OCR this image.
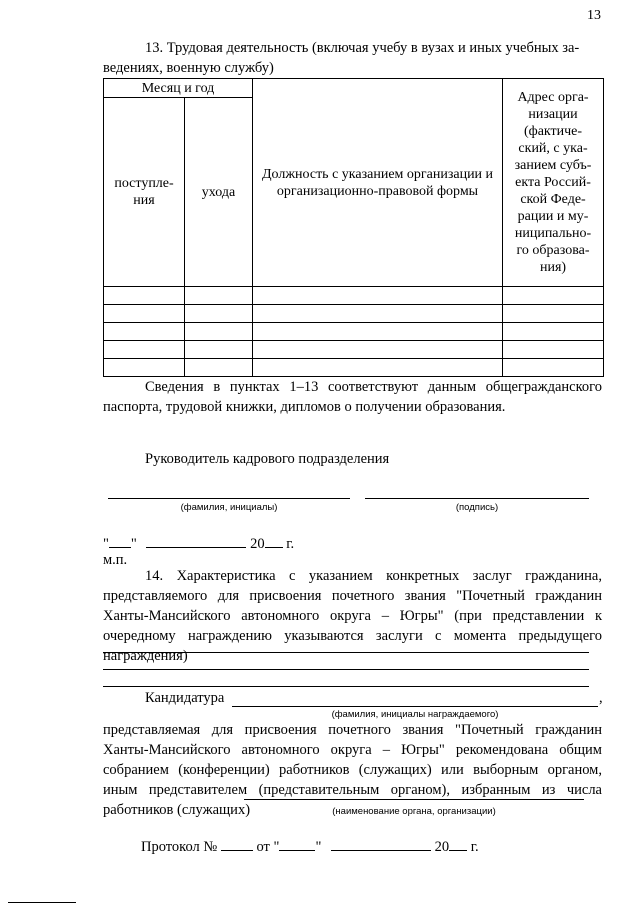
13
13. Трудовая деятельность (включая учебу в вузах и иных учебных за-
ведениях, военную службу)
Месяц и год		Должность с указанием организации и организационно-правовой формы	Адрес орга- низации (фактиче- ский, с ука- занием субъ- екта Россий- ской Феде- рации и му- ниципально- го образова- ния)
поступле- ния	ухода		

Сведения в пунктах 1–13 соответствуют данным общегражданского паспорта, трудовой книжки, дипломов о получении образования.
Руководитель кадрового подразделения
(фамилия, инициалы)	(подпись)
" "	20 г.
м.п.
14. Характеристика с указанием конкретных заслуг гражданина, представляемого для присвоения почетного звания "Почетный гражданин Ханты-Мансийского автономного округа – Югры" (при представлении к очередному награждению указываются заслуги с момента предыдущего награждения)
Кандидатура	,
(фамилия, инициалы награждаемого)
представляемая для присвоения почетного звания "Почетный гражданин Ханты-Мансийского автономного округа – Югры" рекомендована общим собранием (конференции) работников (служащих) или выборным органом, иным представителем (представительным органом), избранным из числа работников (служащих)	(наименование органа, организации)
Протокол №	от " "	20 г.
